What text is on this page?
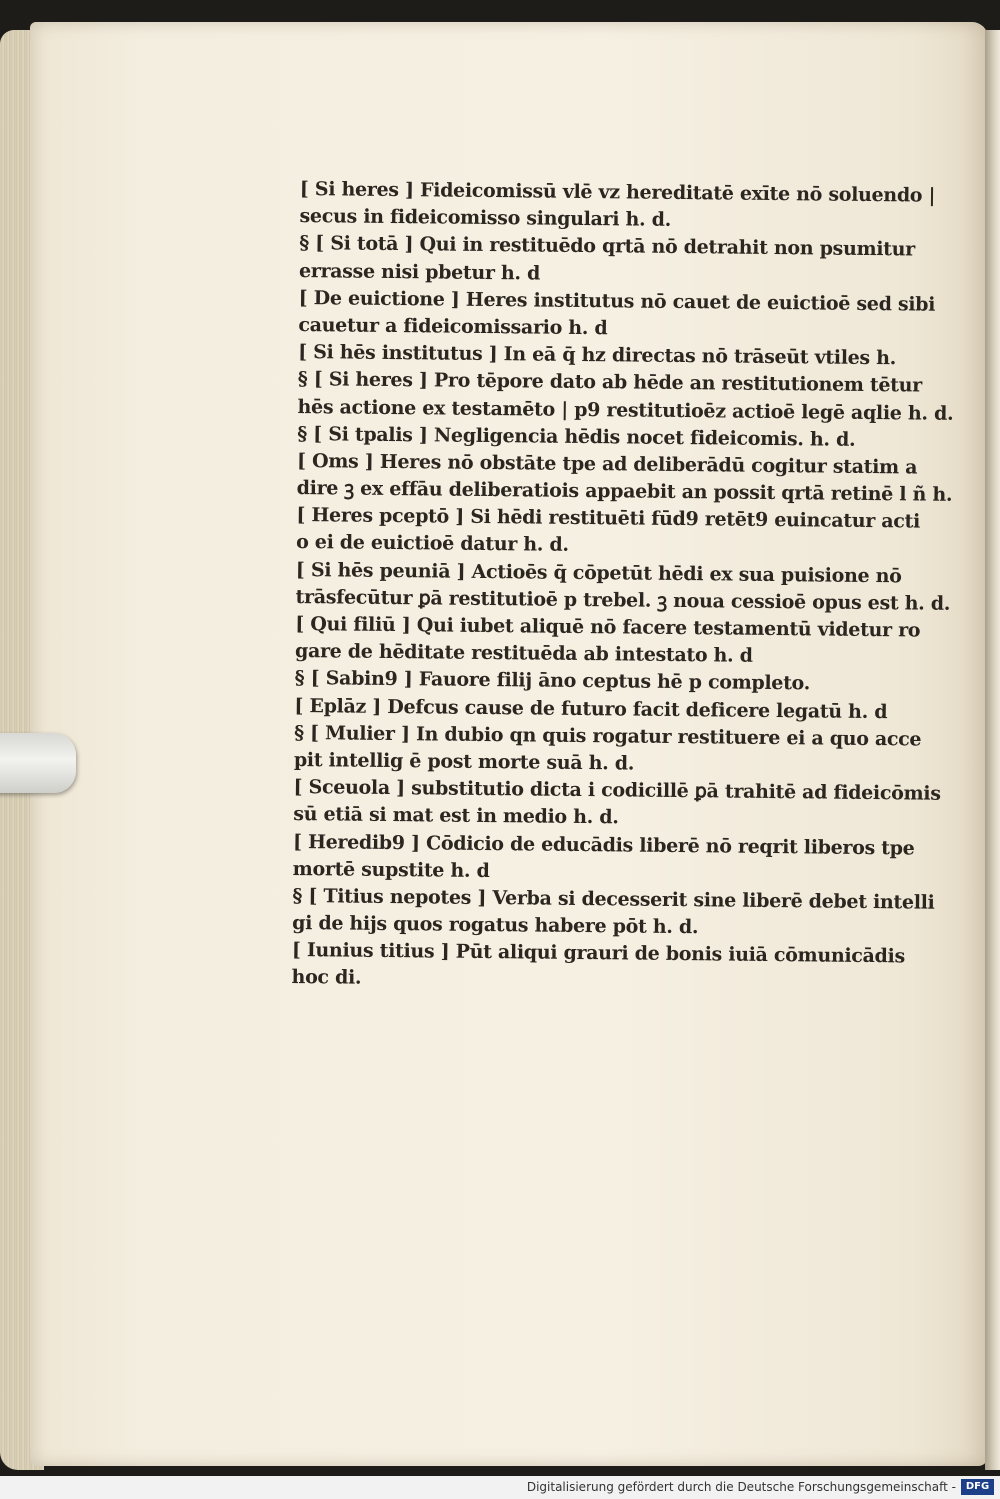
[ Si heres ] Fideicomissū vlē vz hereditatē exīte nō soluendo |
secus in fideicomisso singulari h. d.
§ [ Si totā ] Qui in restituēdo qrtā nō detrahit non psumitur
errasse nisi pbetur h. d
[ De euictione ] Heres institutus nō cauet de euictioē sed sibi
cauetur a fideicomissario h. d
[ Si hēs institutus ] In eā q̄ hz directas nō trāseūt vtiles h.
§ [ Si heres ] Pro tēpore dato ab hēde an restitutionem tētur
hēs actione ex testamēto | p9 restitutioēz actioē legē aqlie h. d.
§ [ Si tpalis ] Negligencia hēdis nocet fideicomis. h. d.
[ Oms ] Heres nō obstāte tpe ad deliberādū cogitur statim a
dire ꝫ ex effāu deliberatiois appaebit an possit qrtā retinē l ñ h.
[ Heres pceptō ] Si hēdi restituēti fūd9 retēt9 euincatur acti
o ei de euictioē datur h. d.
[ Si hēs peuniā ] Actioēs q̄ cōpetūt hēdi ex sua puisione nō
trāsfecūtur ꝑā restitutioē p trebel. ꝫ noua cessioē opus est h. d.
[ Qui filiū ] Qui iubet aliquē nō facere testamentū videtur ro
gare de hēditate restituēda ab intestato h. d
§ [ Sabin9 ] Fauore filij āno ceptus hē p completo.
[ Eplāz ] Defcus cause de futuro facit deficere legatū h. d
§ [ Mulier ] In dubio qn quis rogatur restituere ei a quo acce
pit intellig ē post morte suā h. d.
[ Sceuola ] substitutio dicta i codicillē ꝑā trahitē ad fideicōmis
sū etiā si mat est in medio h. d.
[ Heredib9 ] Cōdicio de educādis liberē nō reqrit liberos tpe
mortē supstite h. d
§ [ Titius nepotes ] Verba si decesserit sine liberē debet intelli
gi de hijs quos rogatus habere pōt h. d.
[ Iunius titius ] Pūt aliqui grauri de bonis iuiā cōmunicādis
hoc di.
Digitalisierung gefördert durch die Deutsche Forschungsgemeinschaft - DFG
